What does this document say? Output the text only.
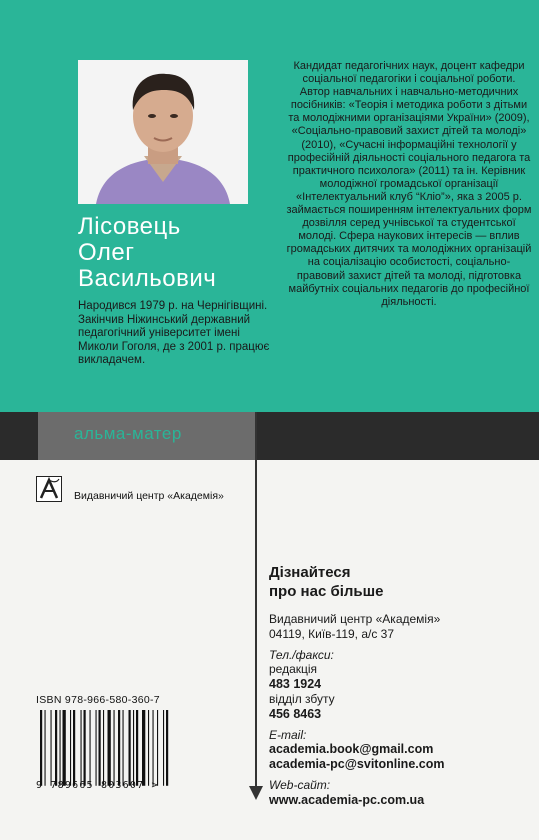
Лісовець
Олег
Васильович
Народився 1979 р. на Чернігівщині. Закінчив Ніжинський державний педагогічний університет імені Миколи Гоголя, де з 2001 р. працює викладачем.
Кандидат педагогічних наук, доцент кафедри соціальної педагогіки і соціальної роботи. Автор навчальних і навчально-методичних посібників: «Теорія і методика роботи з дітьми та молодіжними організаціями України» (2009), «Соціально-правовий захист дітей та молоді» (2010), «Сучасні інформаційні технології у професійній діяльності соціального педагога та практичного психолога» (2011) та ін. Керівник молодіжної громадської організації «Інтелектуальний клуб “Кліо”», яка з 2005 р. займається поширенням інтелектуальних форм дозвілля серед учнівської та студентської молоді. Сфера наукових інтересів — вплив громадських дитячих та молодіжних організацій на соціалізацію особистості, соціально-правовий захист дітей та молоді, підготовка майбутніх соціальних педагогів до професійної діяльності.
альма-матер
Видавничий центр «Академія»
Дізнайтеся
про нас більше
Видавничий центр «Академія»
04119, Київ-119, а/с 37
Тел./факси:
редакція
483 1924
відділ збуту
456 8463
E-mail:
academia.book@gmail.com
academia-pc@svitonline.com
Web-сайт:
www.academia-pc.com.ua
ISBN 978-966-580-360-7
9 789665 803607 >
